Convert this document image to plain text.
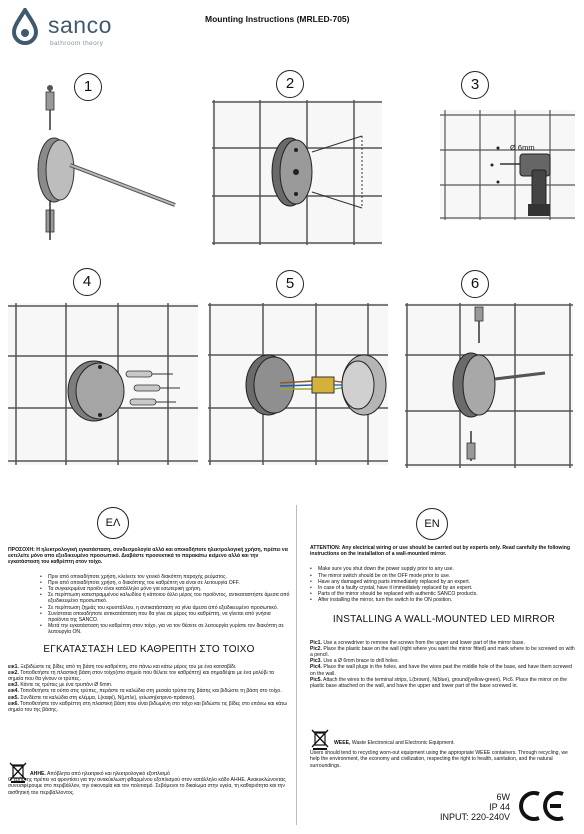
sanco
bathroom theory
Mounting Instructions (MRLED-705)
1	2
Ø 6mm
3
4	5	6
ΕΛ	EN
ΠΡΟΣΟΧΗ: Η ηλεκτρολογική εγκατάσταση, συνδεσμολογία αλλά και οποιαδήποτε ηλεκτρολογική χρήση, πρέπει να εκτελείτε μόνο απο εξειδικευμένο προσωπικό. Διαβάστε προσεκτικά το παρακάτω κείμενο αλλά και την εγκατάσταση του καθρέπτη στον τοίχο.
• Πριν από οποιαδήποτε χρήση, κλείνετε τον γενικό διακόπτη παροχής ρεύματος.
• Πριν από οποιαδήποτε χρήση, ο διακόπτης του καθρέπτη να είναι σε λειτουργία OFF.
• Τα συγκεκριμένα προϊόν είναι κατάλληλο μόνο για εσωτερική χρήση.
• Σε περίπτωση κατεστραμμένου καλωδίου ή κάποιου άλλο μέρος του προϊόντος, αντικαταστήστε άμεσα από εξειδικευμένο προσωπικό.
• Σε περίπτωση ζημιάς του κρυστάλλου, η αντικατάσταση να γίνει άμεσα από εξειδικευμένο προσωπικό.
• Συνίσταται οποιαδήποτε αντικατάσταση που θα γίνει σε μέρος του καθρέπτη, να γίνεται από γνήσια προϊόντα της SANCO.
• Μετά την εγκατάσταση του καθρέπτη στον τοίχο, για να τον θέσετε σε λειτουργία γυρίστε τον διακόπτη σε λειτουργία ON.
ΕΓΚΑΤΑΣΤΑΣΗ LED ΚΑΘΡΕΠΤΗ ΣΤΟ ΤΟΙΧΟ
εικ1. Ξεβιδώστε τις βίδες από τη βάση του καθρέπτη, στο πάνω και κάτω μέρος του με ένα κατσαβίδι.
εικ2. Τοποθετήστε τη πλαστική βάση στον τοίχο(στο σημείο που θέλετε τον καθρέπτη) και σημαδέψτε με ένα μολύβι τα σημεία που θα γίνουν οι τρύπες.
εικ3. Κάντε τις τρύπες με ένα τρυπάνι Ø 6mm.
εικ4. Τοποθετήστε τα ούπα στις τρύπες, περάστε τα καλώδια στη μεσαία τρύπα της βάσης και βιδώστε τη βάση στο τοίχο.
εικ5. Συνδέστε τα καλώδια στη κλέμμα, L(καφέ), N(μπλε), γείωση(κιτρινο-πράσινο).
εικ6. Τοποθετήστε τον καθρέπτη στη πλαστική βάση που είναι βιδωμένη στο τοίχο και βιδώστε τις βίδες στο επάνω και κάτω σημείο του της βάσης.
ΑΗΗΕ. Απόβλητα από ηλεκτρικό και ηλεκτρολογικό εξοπλισμό
Ο χρήστης πρέπει να φροντίσει για την ανακύκλωση φθαρμένου εξοπλισμού στον κατάλληλο κάδο ΑΗΗΕ. Ανακυκλώνοντας συνεισφέρουμε στο περιβάλλον, την οικονομία και τον πολιτισμό. Σεβόμενοι το δικαίωμα στην υγεία, τη καθαριότητα και την αισθητική του περιβάλλοντος.
ATTENTION: Any electrical wiring or use should be carried out by experts only. Read carefully the following instructions on the installation of a wall-mounted mirror.
• Make sure you shut down the power supply prior to any use.
• The mirror switch should be on the OFF mode prior to use.
• Have any damaged wiring parts immediately replaced by an expert.
• In case of a faulty crystal, have it immediately replaced by an expert.
• Parts of the mirror should be replaced with authentic SANCO products.
• After installing the mirror, turn the switch to the ON position.
INSTALLING A WALL-MOUNTED LED MIRROR
Pic1. Use a screwdriver to remove the screws from the upper and lower part of the mirror base.
Pic2. Place the plastic base on the wall (right where you want the mirror fitted) and mark where to be screwed on with a pencil.
Pic3. Use a Ø 6mm brace to drill holes.
Pic4. Place the wall plugs in the holes, and have the wires past the middle hole of the base, and have them screwed on the wall.
Pic5. Attach the wires to the terminal strips, L(brown), N(blue), ground(yellow-green). Pic6. Place the mirror on the plastic base attached on the wall, and have the upper and lower part of the base screwed in.
WEEE, Waste Electronical and Electronic Equipment.
Users should tend to recycling worn-out equipment using the appropriate WEEE containers. Through recycling, we help the environment, the economy and civilization, respecting the right to health, sanitation, and the natural surroundings.
6W
IP 44
INPUT: 220-240V
